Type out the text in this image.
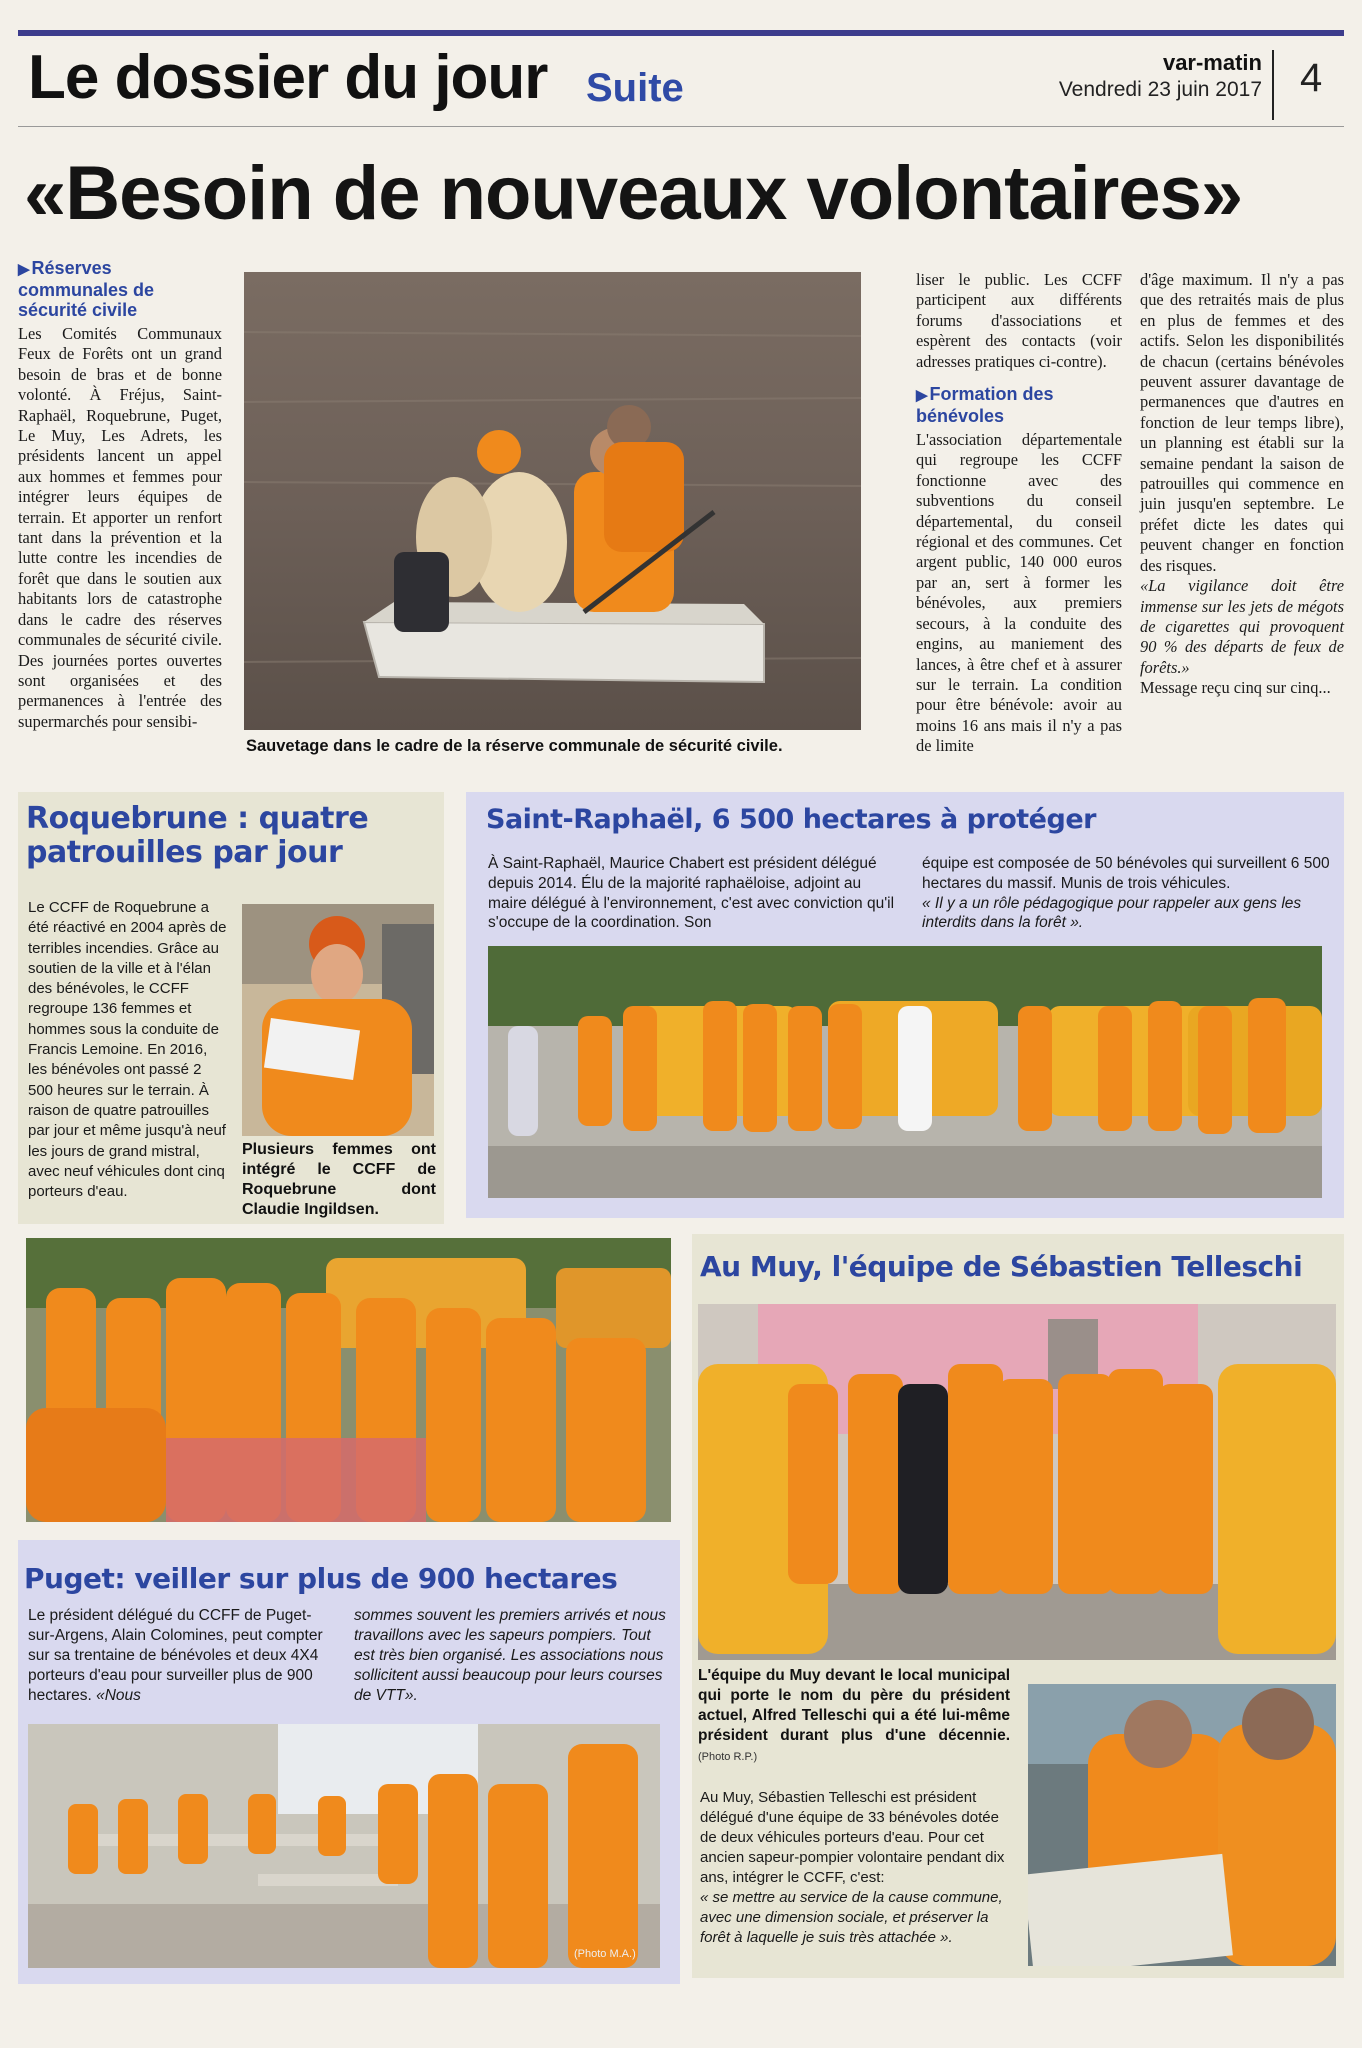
Le dossier du jour Suite
var-matin
Vendredi 23 juin 2017 4
«Besoin de nouveaux volontaires»
▶ Réserves communales de sécurité civile

Les Comités Communaux Feux de Forêts ont un grand besoin de bras et de bonne volonté. À Fréjus, Saint-Raphaël, Roquebrune, Puget, Le Muy, Les Adrets, les présidents lancent un appel aux hommes et femmes pour intégrer leurs équipes de terrain. Et apporter un renfort tant dans la prévention et la lutte contre les incendies de forêt que dans le soutien aux habitants lors de catastrophe dans le cadre des réserves communales de sécurité civile. Des journées portes ouvertes sont organisées et des permanences à l'entrée des supermarchés pour sensibi-

Sauvetage dans le cadre de la réserve communale de sécurité civile.

liser le public. Les CCFF participent aux différents forums d'associations et espèrent des contacts (voir adresses pratiques ci-contre).

▶ Formation des bénévoles

L'association départementale qui regroupe les CCFF fonctionne avec des subventions du conseil départemental, du conseil régional et des communes. Cet argent public, 140 000 euros par an, sert à former les bénévoles, aux premiers secours, à la conduite des engins, au maniement des lances, à être chef et à assurer sur le terrain. La condition pour être bénévole: avoir au moins 16 ans mais il n'y a pas de limite

d'âge maximum. Il n'y a pas que des retraités mais de plus en plus de femmes et des actifs. Selon les disponibilités de chacun (certains bénévoles peuvent assurer davantage de permanences que d'autres en fonction de leur temps libre), un planning est établi sur la semaine pendant la saison de patrouilles qui commence en juin jusqu'en septembre. Le préfet dicte les dates qui peuvent changer en fonction des risques.

«La vigilance doit être immense sur les jets de mégots de cigarettes qui provoquent 90 % des départs de feux de forêts.»

Message reçu cinq sur cinq...

Roquebrune : quatre patrouilles par jour
Le CCFF de Roquebrune a été réactivé en 2004 après de terribles incendies. Grâce au soutien de la ville et à l'élan des bénévoles, le CCFF regroupe 136 femmes et hommes sous la conduite de Francis Lemoine. En 2016, les bénévoles ont passé 2 500 heures sur le terrain. À raison de quatre patrouilles par jour et même jusqu'à neuf les jours de grand mistral, avec neuf véhicules dont cinq porteurs d'eau.
Plusieurs femmes ont intégré le CCFF de Roquebrune dont Claudie Ingildsen.
Saint-Raphaël, 6 500 hectares à protéger
À Saint-Raphaël, Maurice Chabert est président délégué depuis 2014. Élu de la majorité raphaëloise, adjoint au maire délégué à l'environnement, c'est avec conviction qu'il s'occupe de la coordination. Son

équipe est composée de 50 bénévoles qui surveillent 6 500 hectares du massif. Munis de trois véhicules.

« Il y a un rôle pédagogique pour rappeler aux gens les interdits dans la forêt ».

Au Muy, l'équipe de Sébastien Telleschi
L'équipe du Muy devant le local municipal qui porte le nom du père du président actuel, Alfred Telleschi qui a été lui-même président durant plus d'une décennie. (Photo R.P.)

Au Muy, Sébastien Telleschi est président délégué d'une équipe de 33 bénévoles dotée de deux véhicules porteurs d'eau. Pour cet ancien sapeur-pompier volontaire pendant dix ans, intégrer le CCFF, c'est:

« se mettre au service de la cause commune, avec une dimension sociale, et préserver la forêt à laquelle je suis très attachée ».

Puget: veiller sur plus de 900 hectares

Le président délégué du CCFF de Puget-sur-Argens, Alain Colomines, peut compter sur sa trentaine de bénévoles et deux 4X4 porteurs d'eau pour surveiller plus de 900 hectares. «Nous

sommes souvent les premiers arrivés et nous travaillons avec les sapeurs pompiers. Tout est très bien organisé. Les associations nous sollicitent aussi beaucoup pour leurs courses de VTT».
(Photo M.A.)
